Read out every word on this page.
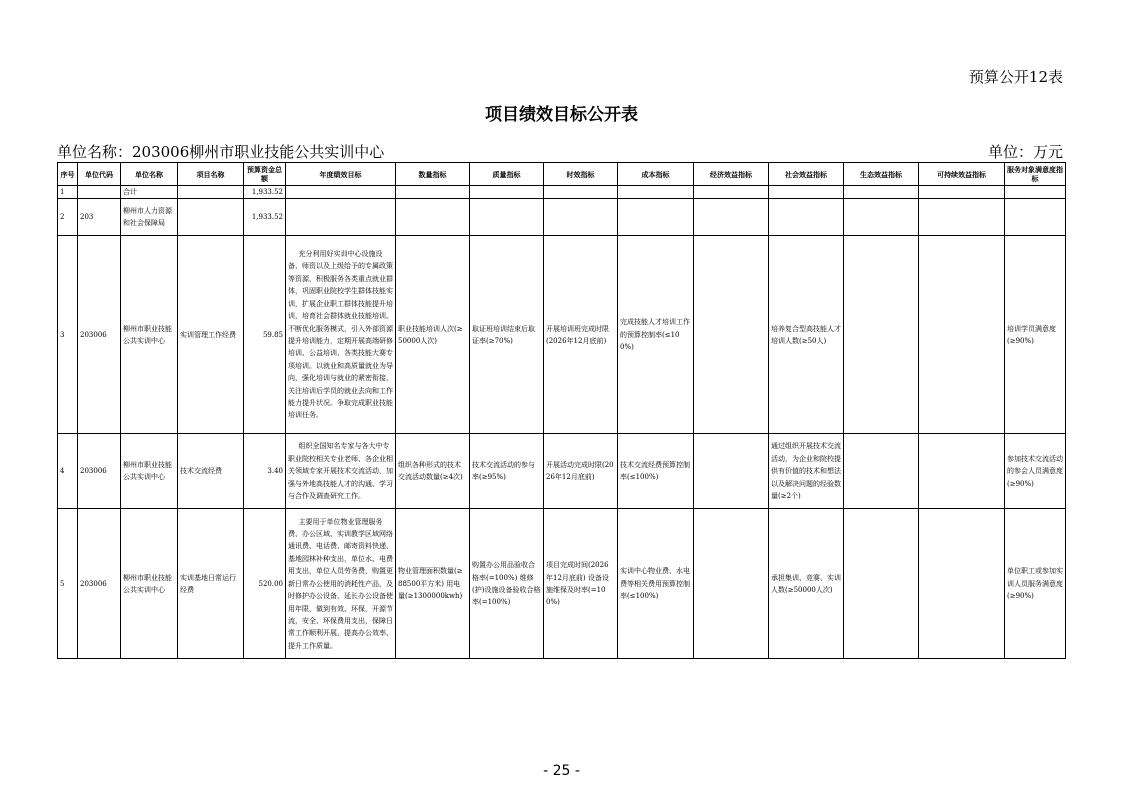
预算公开12表
项目绩效目标公开表
单位名称：203006柳州市职业技能公共实训中心	单位：万元
序号	单位代码	单位名称	项目名称	预算资金总额	年度绩效目标	数量指标	质量指标	时效指标	成本指标	经济效益指标	社会效益指标	生态效益指标	可持续效益指标	服务对象满意度指标
1		合计		1,933.52										
2	203	柳州市人力资源和社会保障局		1,933.52										
3	203006	柳州市职业技能公共实训中心	实训管理工作经费	59.85	充分利用好实训中心设施设备、师资以及上级给予的专属政策等资源，积极服务各类重点就业群体，巩固职业院校学生群体技能实训，扩展企业职工群体技能提升培训，培育社会群体就业技能培训。不断优化服务模式，引入外部资源提升培训能力，定期开展高端研修培训、公益培训、各类技能大赛专项培训。以就业和高质量就业为导向，强化培训与就业的紧密衔接，关注培训后学员的就业去向和工作能力提升状况。争取完成职业技能培训任务。	职业技能培训人次(≥50000人次)	取证班培训结束后取证率(≥70%)	开展培训班完成时限(2026年12月底前)	完成技能人才培训工作的预算控制率(≤100%)		培养复合型高技能人才培训人数(≥50人)			培训学员满意度(≥90%)
4	203006	柳州市职业技能公共实训中心	技术交流经费	3.40	组织全国知名专家与各大中专职业院校相关专业老师、各企业相关领域专家开展技术交流活动，加强与外地高技能人才的沟通、学习与合作及调查研究工作。	组织各种形式的技术交流活动数量(≥4次)	技术交流活动的参与率(≥95%)	开展活动完成时限(2026年12月底前)	技术交流经费预算控制率(≤100%)		通过组织开展技术交流活动，为企业和院校提供有价值的技术和想法以及解决问题的经验数量(≥2个)			参加技术交流活动的参会人员满意度(≥90%)
5	203006	柳州市职业技能公共实训中心	实训基地日常运行经费	520.00	主要用于单位物业管理服务费、办公区域、实训教学区域网络通讯费、电话费、邮寄资料快递、基地园林补种支出，单位水、电费用支出，单位人员劳务费，购置更新日常办公使用的消耗性产品，及时修护办公设备，延长办公设备使用年限，做到有效、环保，开源节流，安全、环保费用支出，保障日常工作顺利开展，提高办公效率、提升工作质量。	物业管理面积数量(≥88500平方米) 用电量(≥1300000kwh)	购置办公用品验收合格率(=100%) 维修(护)设施设备验收合格率(=100%)	项目完成时间(2026年12月底前) 设备设施维保及时率(=100%)	实训中心物业费、水电费等相关费用预算控制率(≤100%)		承担集训、竞赛、实训人数(≥50000人次)			单位职工或参加实训人员服务满意度(≥90%)
- 25 -
